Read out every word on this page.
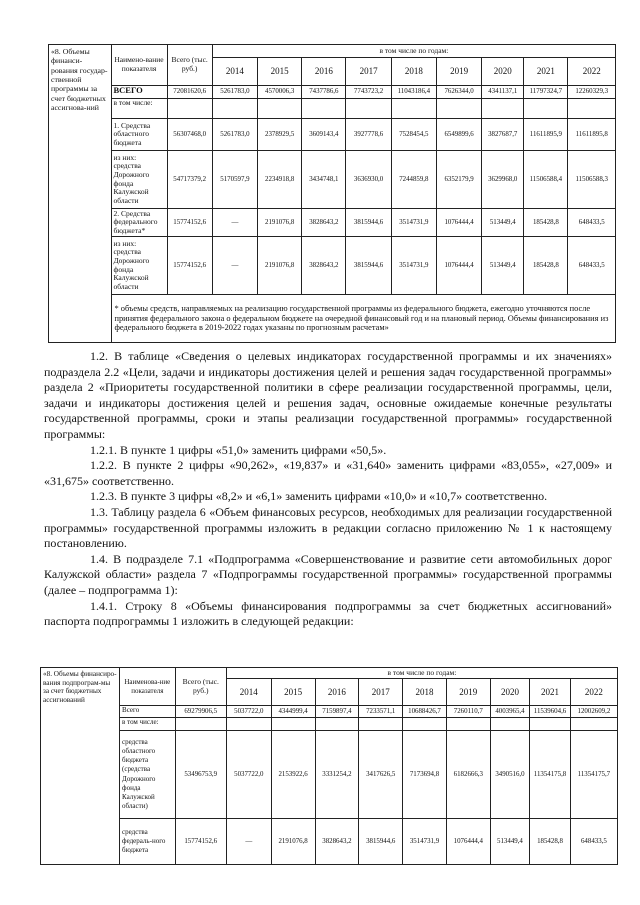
«8. Объемы финанси-рования государ-ственной программы за счет бюджетных ассигнова-ний	Наимено-вание показателя	Всего (тыс. руб.)	в том числе по годам:								
			2014	2015	2016	2017	2018	2019	2020	2021	2022
	ВСЕГО	72081620,6	5261783,0	4570006,3	7437786,6	7743723,2	11043186,4	7626344,0	4341137,1	11797324,7	12260329,3
	в том числе:										
	1. Средства областного бюджета	56307468,0	5261783,0	2378929,5	3609143,4	3927778,6	7528454,5	6549899,6	3827687,7	11611895,9	11611895,8
	из них: средства Дорожного фонда Калужской области	54717379,2	5170597,9	2234918,8	3434748,1	3636930,0	7244859,8	6352179,9	3629968,0	11506588,4	11506588,3
	2. Средства федерального бюджета*	15774152,6	—	2191076,8	3828643,2	3815944,6	3514731,9	1076444,4	513449,4	185428,8	648433,5
	из них: средства Дорожного фонда Калужской области	15774152,6	—	2191076,8	3828643,2	3815944,6	3514731,9	1076444,4	513449,4	185428,8	648433,5
	* объемы средств, направляемых на реализацию государственной программы из федерального бюджета, ежегодно уточняются после принятия федерального закона о федеральном бюджете на очередной финансовый год и на плановый период. Объемы финансирования из федерального бюджета в 2019-2022 годах указаны по прогнозным расчетам»										

1.2. В таблице «Сведения о целевых индикаторах государственной программы и их значениях» подраздела 2.2 «Цели, задачи и индикаторы достижения целей и решения задач государственной программы» раздела 2 «Приоритеты государственной политики в сфере реализации государственной программы, цели, задачи и индикаторы достижения целей и решения задач, основные ожидаемые конечные результаты государственной программы, сроки и этапы реализации государственной программы» государственной программы:

1.2.1. В пункте 1 цифры «51,0» заменить цифрами «50,5».

1.2.2. В пункте 2 цифры «90,262», «19,837» и «31,640» заменить цифрами «83,055», «27,009» и «31,675» соответственно.

1.2.3. В пункте 3 цифры «8,2» и «6,1» заменить цифрами «10,0» и «10,7» соответственно.

1.3. Таблицу раздела 6 «Объем финансовых ресурсов, необходимых для реализации государственной программы» государственной программы изложить в редакции согласно приложению № 1 к настоящему постановлению.

1.4. В подразделе 7.1 «Подпрограмма «Совершенствование и развитие сети автомобильных дорог Калужской области» раздела 7 «Подпрограммы государственной программы» государственной программы (далее – подпрограмма 1):

1.4.1. Строку 8 «Объемы финансирования подпрограммы за счет бюджетных ассигнований» паспорта подпрограммы 1 изложить в следующей редакции:

«8. Объемы финансиро-вания подпрограм-мы за счет бюджетных ассигнований	Наименова-ние показателя	Всего (тыс. руб.)	в том числе по годам:								
			2014	2015	2016	2017	2018	2019	2020	2021	2022
	Всего	69279906,5	5037722,0	4344999,4	7159897,4	7233571,1	10688426,7	7260110,7	4003965,4	11539604,6	12002609,2
	в том числе:										
	средства областного бюджета (средства Дорожного фонда Калужской области)	53496753,9	5037722,0	2153922,6	3331254,2	3417626,5	7173694,8	6182666,3	3490516,0	11354175,8	11354175,7
	средства федераль-ного бюджета	15774152,6	—	2191076,8	3828643,2	3815944,6	3514731,9	1076444,4	513449,4	185428,8	648433,5
